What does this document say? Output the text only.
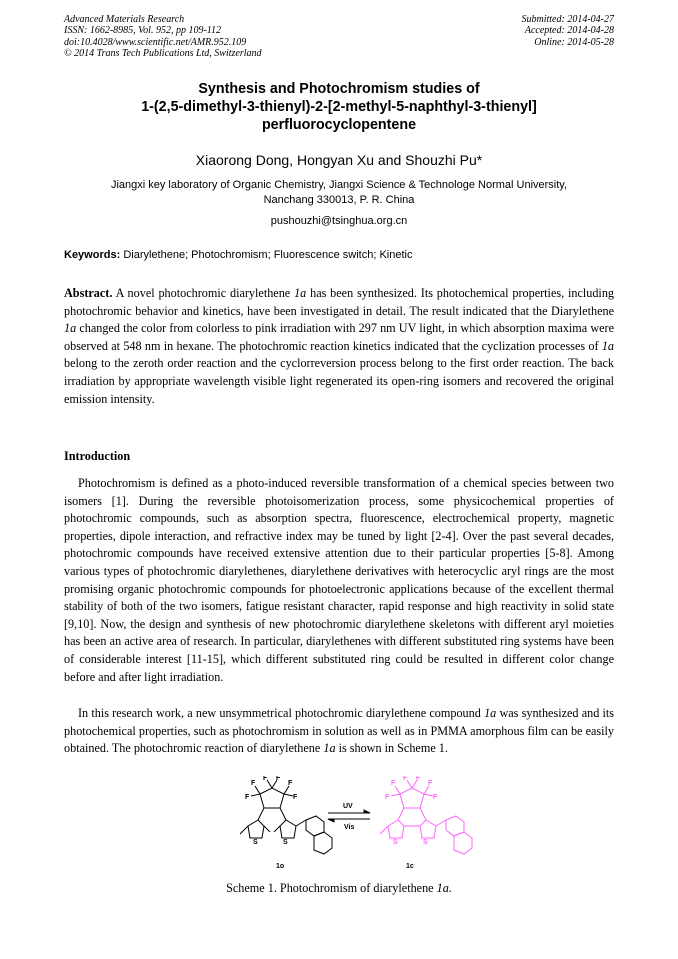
Advanced Materials Research
ISSN: 1662-8985, Vol. 952, pp 109-112
doi:10.4028/www.scientific.net/AMR.952.109
© 2014 Trans Tech Publications Ltd, Switzerland
Submitted: 2014-04-27
Accepted: 2014-04-28
Online: 2014-05-28
Synthesis and Photochromism studies of
1-(2,5-dimethyl-3-thienyl)-2-[2-methyl-5-naphthyl-3-thienyl]
perfluorocyclopentene
Xiaorong Dong, Hongyan Xu and Shouzhi Pu*
Jiangxi key laboratory of Organic Chemistry, Jiangxi Science & Technologe Normal University,
Nanchang 330013, P. R. China
pushouzhi@tsinghua.org.cn
Keywords: Diarylethene; Photochromism; Fluorescence switch; Kinetic
Abstract. A novel photochromic diarylethene 1a has been synthesized. Its photochemical properties, including photochromic behavior and kinetics, have been investigated in detail. The result indicated that the Diarylethene 1a changed the color from colorless to pink irradiation with 297 nm UV light, in which absorption maxima were observed at 548 nm in hexane. The photochromic reaction kinetics indicated that the cyclization processes of 1a belong to the zeroth order reaction and the cyclorreversion process belong to the first order reaction. The back irradiation by appropriate wavelength visible light regenerated its open-ring isomers and recovered the original emission intensity.
Introduction
Photochromism is defined as a photo-induced reversible transformation of a chemical species between two isomers [1]. During the reversible photoisomerization process, some physicochemical properties of photochromic compounds, such as absorption spectra, fluorescence, electrochemical property, magnetic properties, dipole interaction, and refractive index may be tuned by light [2-4]. Over the past several decades, photochromic compounds have received extensive attention due to their particular properties [5-8]. Among various types of photochromic diarylethenes, diarylethene derivatives with heterocyclic aryl rings are the most promising organic photochromic compounds for photoelectronic applications because of the excellent thermal stability of both of the two isomers, fatigue resistant character, rapid response and high reactivity in solid state [9,10]. Now, the design and synthesis of new photochromic diarylethene skeletons with different aryl moieties has been an active area of research. In particular, diarylethenes with different substituted ring systems have been of considerable interest [11-15], which different substituted ring could be resulted in different color change before and after light irradiation.
In this research work, a new unsymmetrical photochromic diarylethene compound 1a was synthesized and its photochemical properties, such as photochromism in solution as well as in PMMA amorphous film can be easily obtained. The photochromic reaction of diarylethene 1a is shown in Scheme 1.
F
F
F F
F
F
S	S
1o
UV
Vis
F
F
F F
F
F
S	S
1c
Scheme 1. Photochromism of diarylethene 1a.
